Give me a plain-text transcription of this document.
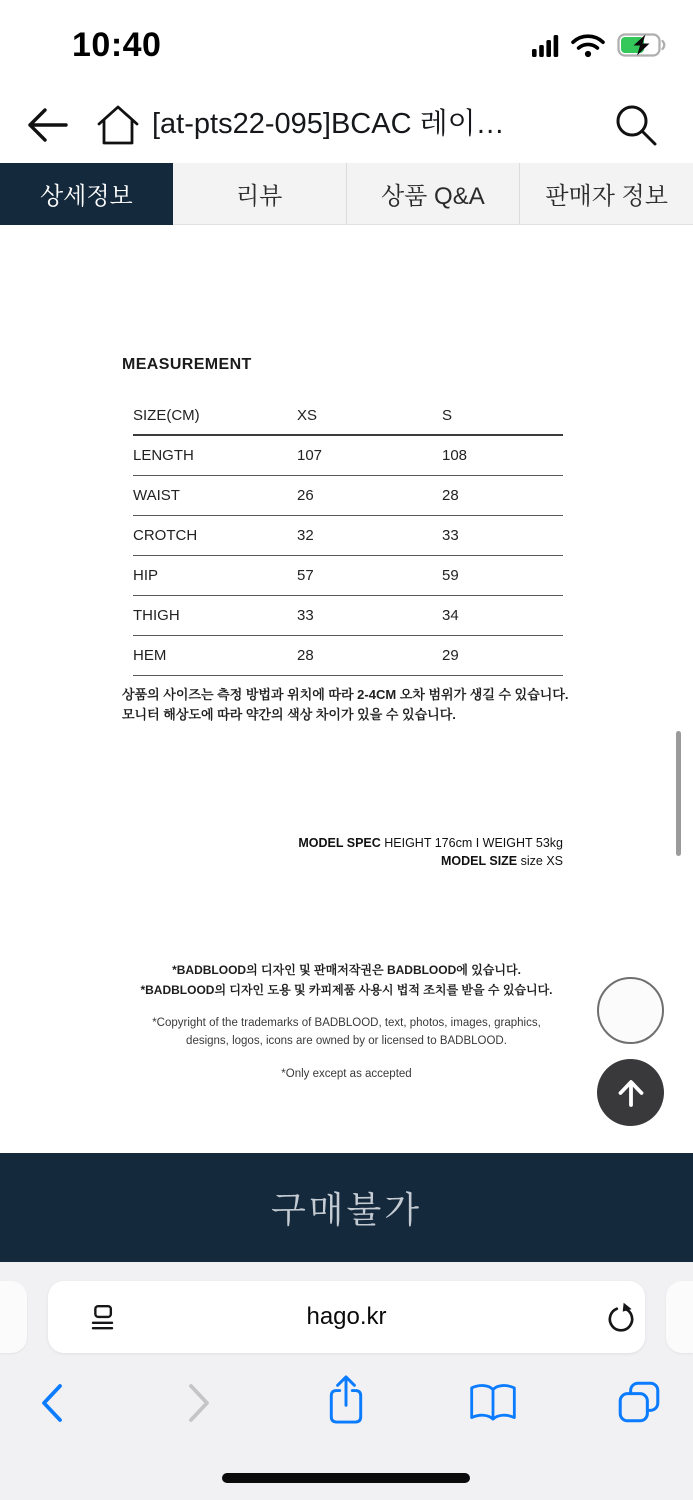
10:40
[at-pts22-095]BCAC 레이…
상세정보	리뷰	상품 Q&A	판매자 정보
MEASUREMENT
SIZE(CM)	XS	S
LENGTH	107	108
WAIST	26	28
CROTCH	32	33
HIP	57	59
THIGH	33	34
HEM	28	29
상품의 사이즈는 측정 방법과 위치에 따라 2-4CM 오차 범위가 생길 수 있습니다.
모니터 해상도에 따라 약간의 색상 차이가 있을 수 있습니다.
MODEL SPEC HEIGHT 176cm I WEIGHT 53kg
MODEL SIZE size XS
*BADBLOOD의 디자인 및 판매저작권은 BADBLOOD에 있습니다.
*BADBLOOD의 디자인 도용 및 카피제품 사용시 법적 조치를 받을 수 있습니다.
*Copyright of the trademarks of BADBLOOD, text, photos, images, graphics,
designs, logos, icons are owned by or licensed to BADBLOOD.
*Only except as accepted
구매불가
hago.kr
